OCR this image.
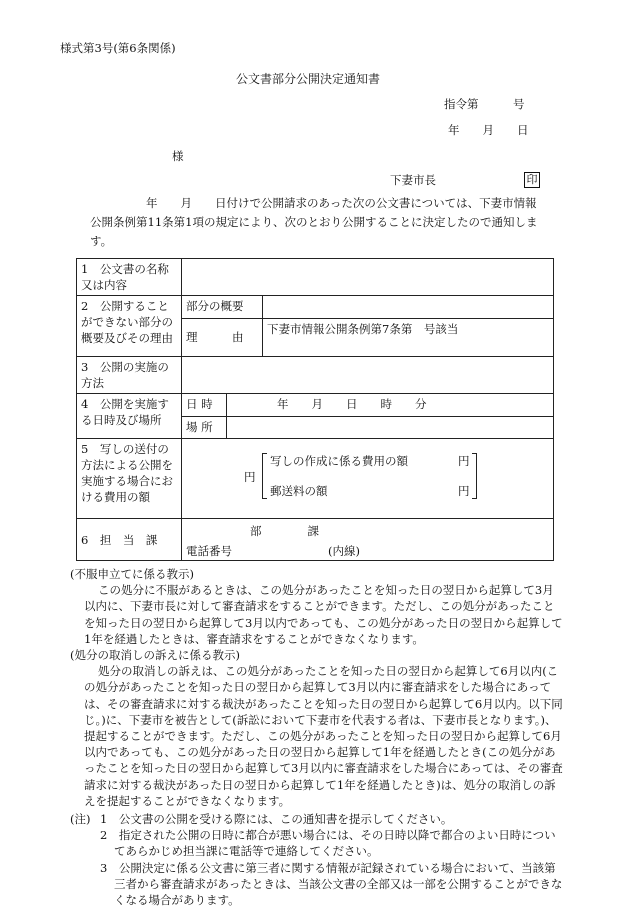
様式第3号(第6条関係)
公文書部分公開決定通知書
指令第　　　号
年　　月　　日
様
下妻市長	印
年　　月　　日付けで公開請求のあった次の公文書については、下妻市情報
公開条例第11条第1項の規定により、次のとおり公開することに決定したので通知しま
す。
1　公文書の名称又は内容	
2　公開することができない部分の概要及びその理由	
部分の概要	
理　　　由	下妻市情報公開条例第7条第　号該当

3　公開の実施の方法	
4　公開を実施する日時及び場所	
日 時	年　　月　　日　　時　　分
場 所	

5　写しの送付の方法による公開を実施する場合における費用の額	
円
写しの作成に係る費用の額	円
郵送料の額	円

6　担　当　課	
部　　　　課
電話番号	(内線)
(不服申立てに係る教示)
この処分に不服があるときは、この処分があったことを知った日の翌日から起算して3月以内に、下妻市長に対して審査請求をすることができます。ただし、この処分があったことを知った日の翌日から起算して3月以内であっても、この処分があった日の翌日から起算して1年を経過したときは、審査請求をすることができなくなります。
(処分の取消しの訴えに係る教示)
処分の取消しの訴えは、この処分があったことを知った日の翌日から起算して6月以内(この処分があったことを知った日の翌日から起算して3月以内に審査請求をした場合にあっては、その審査請求に対する裁決があったことを知った日の翌日から起算して6月以内。以下同じ。)に、下妻市を被告として(訴訟において下妻市を代表する者は、下妻市長となります。)、提起することができます。ただし、この処分があったことを知った日の翌日から起算して6月以内であっても、この処分があった日の翌日から起算して1年を経過したとき(この処分があったことを知った日の翌日から起算して3月以内に審査請求をした場合にあっては、その審査請求に対する裁決があった日の翌日から起算して1年を経過したとき)は、処分の取消しの訴えを提起することができなくなります。
(注) 1　公文書の公開を受ける際には、この通知書を提示してください。
2　指定された公開の日時に都合が悪い場合には、その日時以降で都合のよい日時についてあらかじめ担当課に電話等で連絡してください。
3　公開決定に係る公文書に第三者に関する情報が記録されている場合において、当該第三者から審査請求があったときは、当該公文書の全部又は一部を公開することができなくなる場合があります。
